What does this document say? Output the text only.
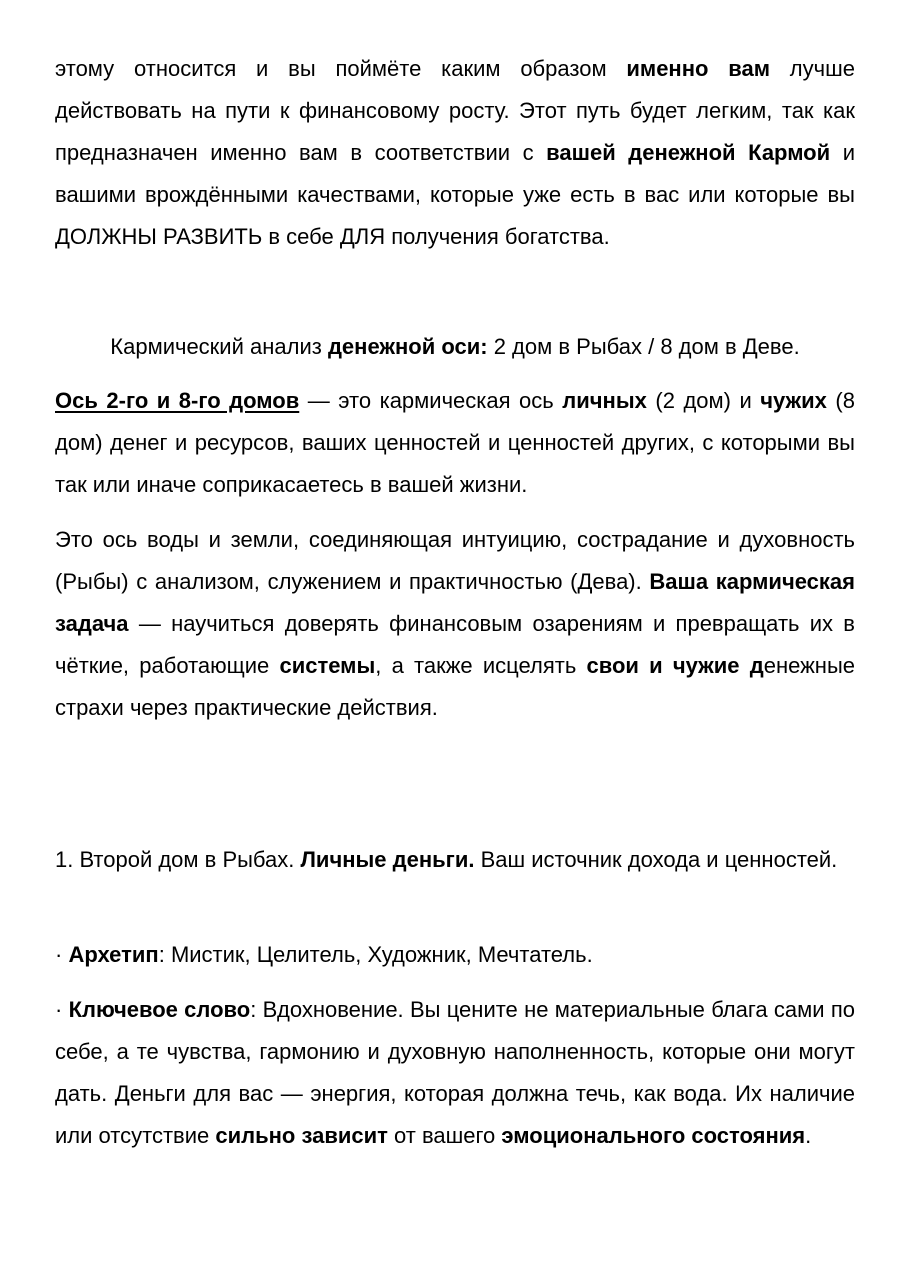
этому относится и вы поймёте каким образом именно вам лучше действовать на пути к финансовому росту. Этот путь будет легким, так как предназначен именно вам в соответствии с вашей денежной Кармой и вашими врождёнными качествами, которые уже есть в вас или которые вы ДОЛЖНЫ РАЗВИТЬ в себе ДЛЯ получения богатства.

Кармический анализ денежной оси: 2 дом в Рыбах / 8 дом в Деве.

Ось 2-го и 8-го домов — это кармическая ось личных (2 дом) и чужих (8 дом) денег и ресурсов, ваших ценностей и ценностей других, с которыми вы так или иначе соприкасаетесь в вашей жизни.

Это ось воды и земли, соединяющая интуицию, сострадание и духовность (Рыбы) с анализом, служением и практичностью (Дева). Ваша кармическая задача — научиться доверять финансовым озарениям и превращать их в чёткие, работающие системы, а также исцелять свои и чужие денежные страхи через практические действия.

1. Второй дом в Рыбах. Личные деньги. Ваш источник дохода и ценностей.

· Архетип: Мистик, Целитель, Художник, Мечтатель.

· Ключевое слово: Вдохновение. Вы цените не материальные блага сами по себе, а те чувства, гармонию и духовную наполненность, которые они могут дать. Деньги для вас — энергия, которая должна течь, как вода. Их наличие или отсутствие сильно зависит от вашего эмоционального состояния.
